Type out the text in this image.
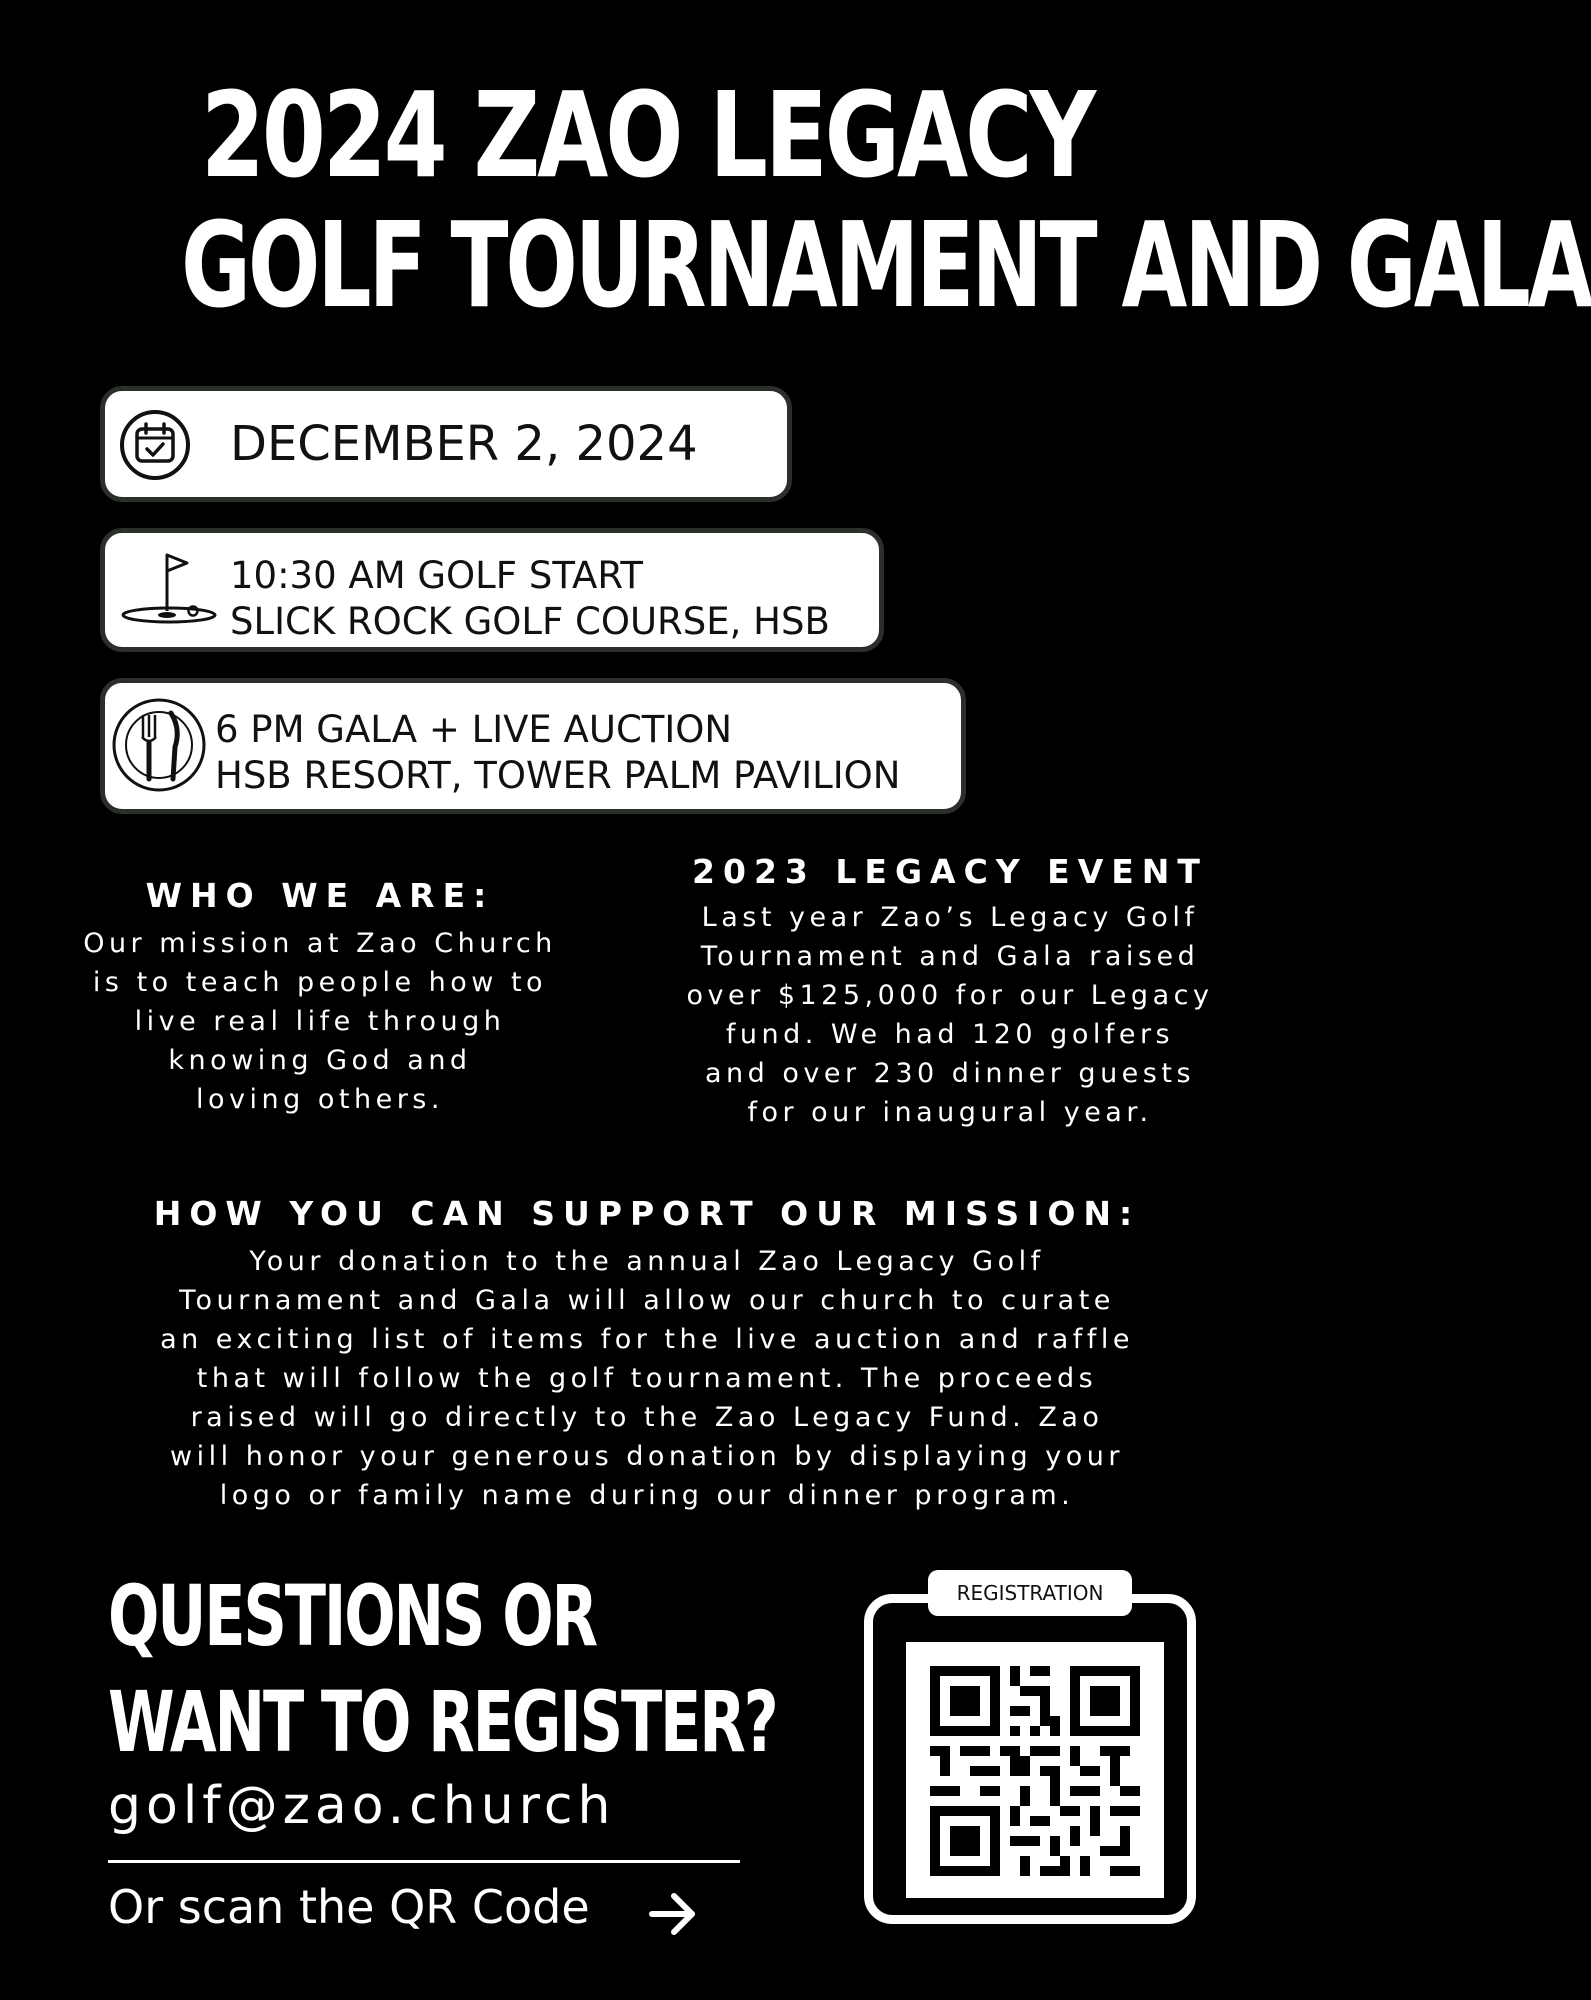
2024 ZAO LEGACY
GOLF TOURNAMENT AND GALA
DECEMBER 2, 2024
10:30 AM GOLF START
SLICK ROCK GOLF COURSE, HSB
6 PM GALA + LIVE AUCTION
HSB RESORT, TOWER PALM PAVILION
WHO WE ARE:
Our mission at Zao Church
is to teach people how to
live real life through
knowing God and
loving others.
2023 LEGACY EVENT
Last year Zao’s Legacy Golf
Tournament and Gala raised
over $125,000 for our Legacy
fund. We had 120 golfers
and over 230 dinner guests
for our inaugural year.
HOW YOU CAN SUPPORT OUR MISSION:
Your donation to the annual Zao Legacy Golf
Tournament and Gala will allow our church to curate
an exciting list of items for the live auction and raffle
that will follow the golf tournament. The proceeds
raised will go directly to the Zao Legacy Fund. Zao
will honor your generous donation by displaying your
logo or family name during our dinner program.
QUESTIONS OR
WANT TO REGISTER?
golf@zao.church
Or scan the QR Code
REGISTRATION
